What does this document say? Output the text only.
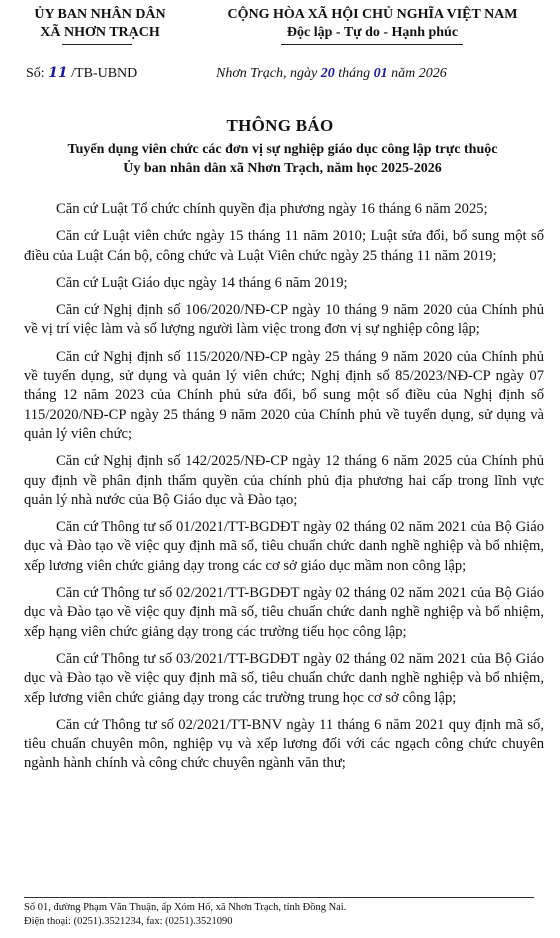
ỦY BAN NHÂN DÂN
XÃ NHƠN TRẠCH
CỘNG HÒA XÃ HỘI CHỦ NGHĨA VIỆT NAM
Độc lập - Tự do - Hạnh phúc
Số: 11 /TB-UBND	Nhơn Trạch, ngày 20 tháng 01 năm 2026
THÔNG BÁO
Tuyển dụng viên chức các đơn vị sự nghiệp giáo dục công lập trực thuộc
Ủy ban nhân dân xã Nhơn Trạch, năm học 2025-2026

Căn cứ Luật Tổ chức chính quyền địa phương ngày 16 tháng 6 năm 2025;

Căn cứ Luật viên chức ngày 15 tháng 11 năm 2010; Luật sửa đổi, bổ sung một số điều của Luật Cán bộ, công chức và Luật Viên chức ngày 25 tháng 11 năm 2019;

Căn cứ Luật Giáo dục ngày 14 tháng 6 năm 2019;

Căn cứ Nghị định số 106/2020/NĐ-CP ngày 10 tháng 9 năm 2020 của Chính phủ về vị trí việc làm và số lượng người làm việc trong đơn vị sự nghiệp công lập;

Căn cứ Nghị định số 115/2020/NĐ-CP ngày 25 tháng 9 năm 2020 của Chính phủ về tuyển dụng, sử dụng và quản lý viên chức; Nghị định số 85/2023/NĐ-CP ngày 07 tháng 12 năm 2023 của Chính phủ sửa đổi, bổ sung một số điều của Nghị định số 115/2020/NĐ-CP ngày 25 tháng 9 năm 2020 của Chính phủ về tuyển dụng, sử dụng và quản lý viên chức;

Căn cứ Nghị định số 142/2025/NĐ-CP ngày 12 tháng 6 năm 2025 của Chính phủ quy định về phân định thẩm quyền của chính phủ địa phương hai cấp trong lĩnh vực quản lý nhà nước của Bộ Giáo dục và Đào tạo;

Căn cứ Thông tư số 01/2021/TT-BGDĐT ngày 02 tháng 02 năm 2021 của Bộ Giáo dục và Đào tạo về việc quy định mã số, tiêu chuẩn chức danh nghề nghiệp và bổ nhiệm, xếp lương viên chức giảng dạy trong các cơ sở giáo dục mầm non công lập;

Căn cứ Thông tư số 02/2021/TT-BGDĐT ngày 02 tháng 02 năm 2021 của Bộ Giáo dục và Đào tạo về việc quy định mã số, tiêu chuẩn chức danh nghề nghiệp và bổ nhiệm, xếp hạng viên chức giảng dạy trong các trường tiểu học công lập;

Căn cứ Thông tư số 03/2021/TT-BGDĐT ngày 02 tháng 02 năm 2021 của Bộ Giáo dục và Đào tạo về việc quy định mã số, tiêu chuẩn chức danh nghề nghiệp và bổ nhiệm, xếp lương viên chức giảng dạy trong các trường trung học cơ sở công lập;

Căn cứ Thông tư số 02/2021/TT-BNV ngày 11 tháng 6 năm 2021 quy định mã số, tiêu chuẩn chuyên môn, nghiệp vụ và xếp lương đối với các ngạch công chức chuyên ngành hành chính và công chức chuyên ngành văn thư;

Số 01, đường Phạm Văn Thuận, ấp Xóm Hố, xã Nhơn Trạch, tỉnh Đồng Nai.
Điện thoại: (0251).3521234, fax: (0251).3521090
